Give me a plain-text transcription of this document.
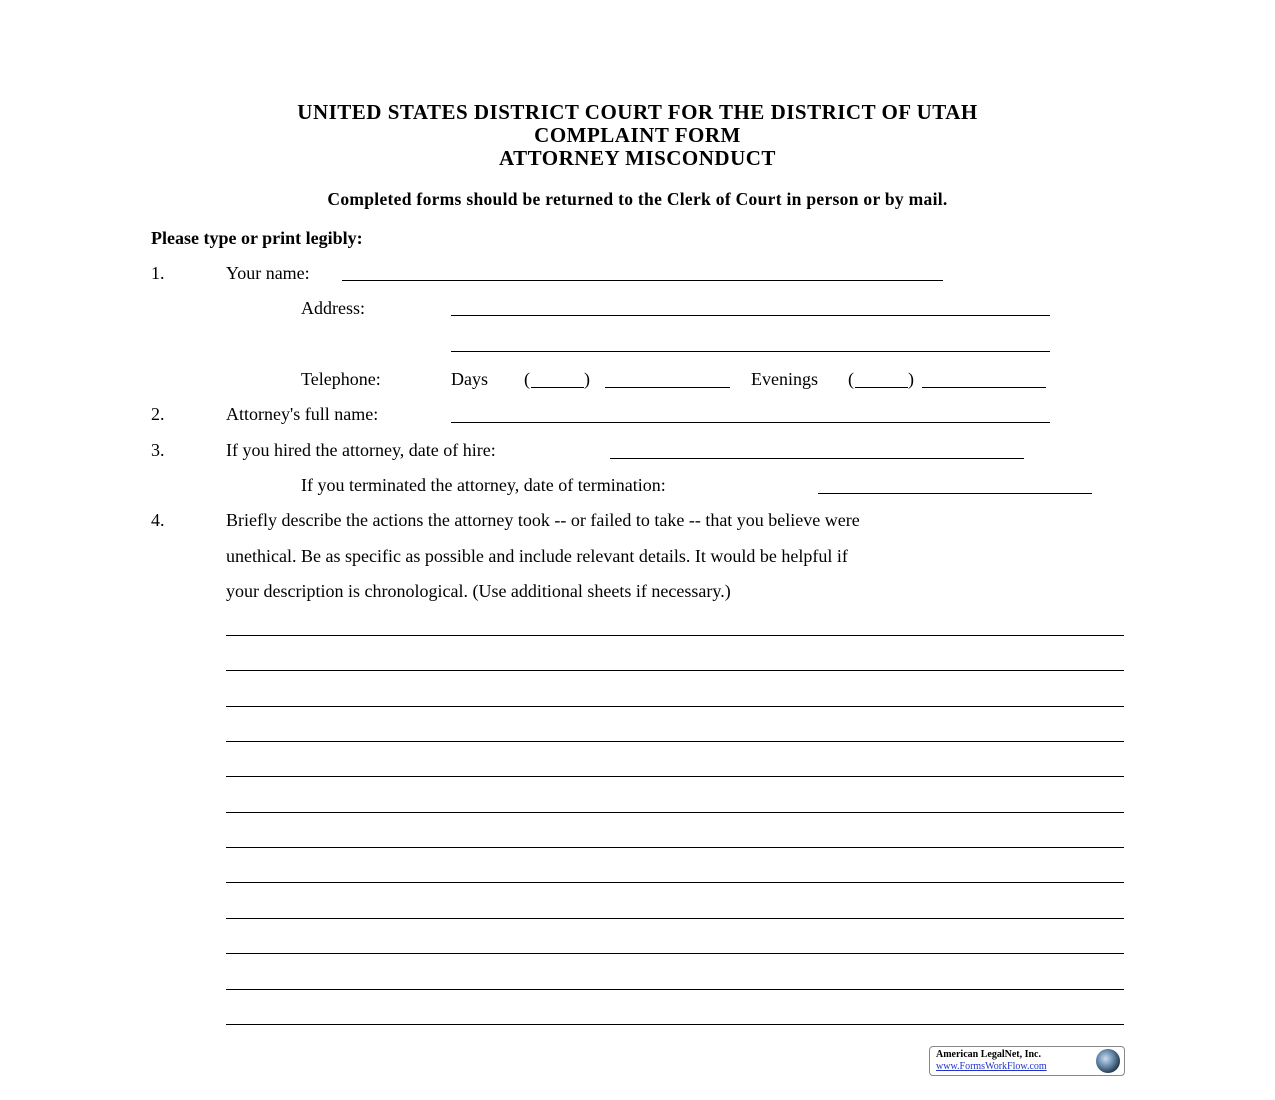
UNITED STATES DISTRICT COURT FOR THE DISTRICT OF UTAH
COMPLAINT FORM
ATTORNEY MISCONDUCT
Completed forms should be returned to the Clerk of Court in person or by mail.
Please type or print legibly:
1.	Your name:
Address:
Telephone:	Days (	)	Evenings (	)
2.	Attorney's full name:
3.	If you hired the attorney, date of hire:
If you terminated the attorney, date of termination:
4.	Briefly describe the actions the attorney took -- or failed to take -- that you believe were
unethical. Be as specific as possible and include relevant details. It would be helpful if
your description is chronological. (Use additional sheets if necessary.)
American LegalNet, Inc.
www.FormsWorkFlow.com
